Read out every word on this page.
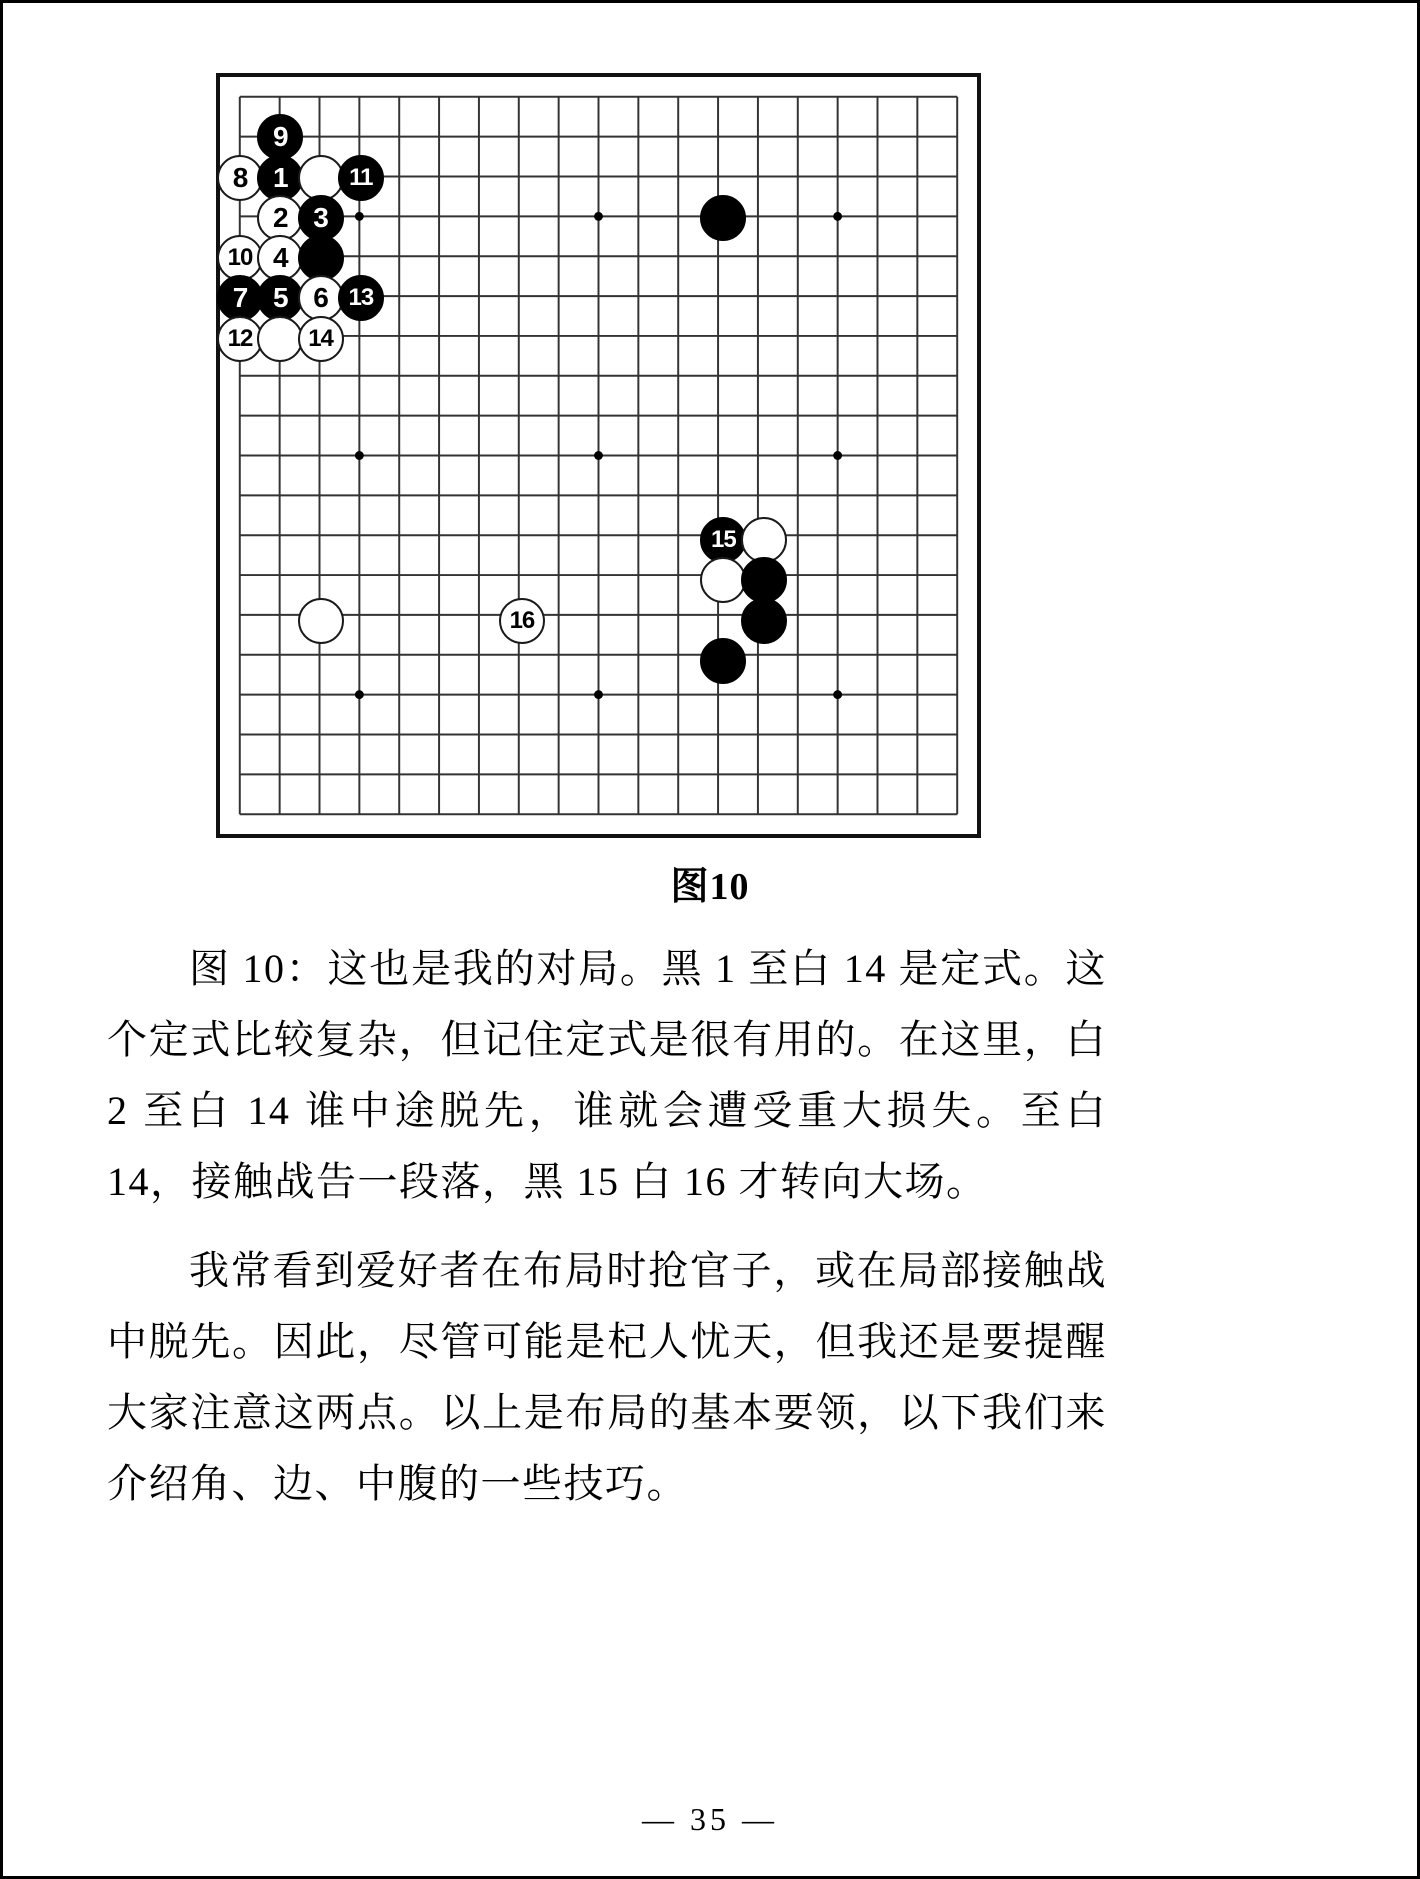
9
8 1	11
2 3
10 4
7 5 6 13
12	14
15
16
图10

图 10：这也是我的对局。黑 1 至白 14 是定式。这个定式比较复杂，但记住定式是很有用的。在这里，白 2 至白 14 谁中途脱先，谁就会遭受重大损失。至白 14，接触战告一段落，黑 15 白 16 才转向大场。

我常看到爱好者在布局时抢官子，或在局部接触战中脱先。因此，尽管可能是杞人忧天，但我还是要提醒大家注意这两点。以上是布局的基本要领，以下我们来介绍角、边、中腹的一些技巧。

— 35 —
